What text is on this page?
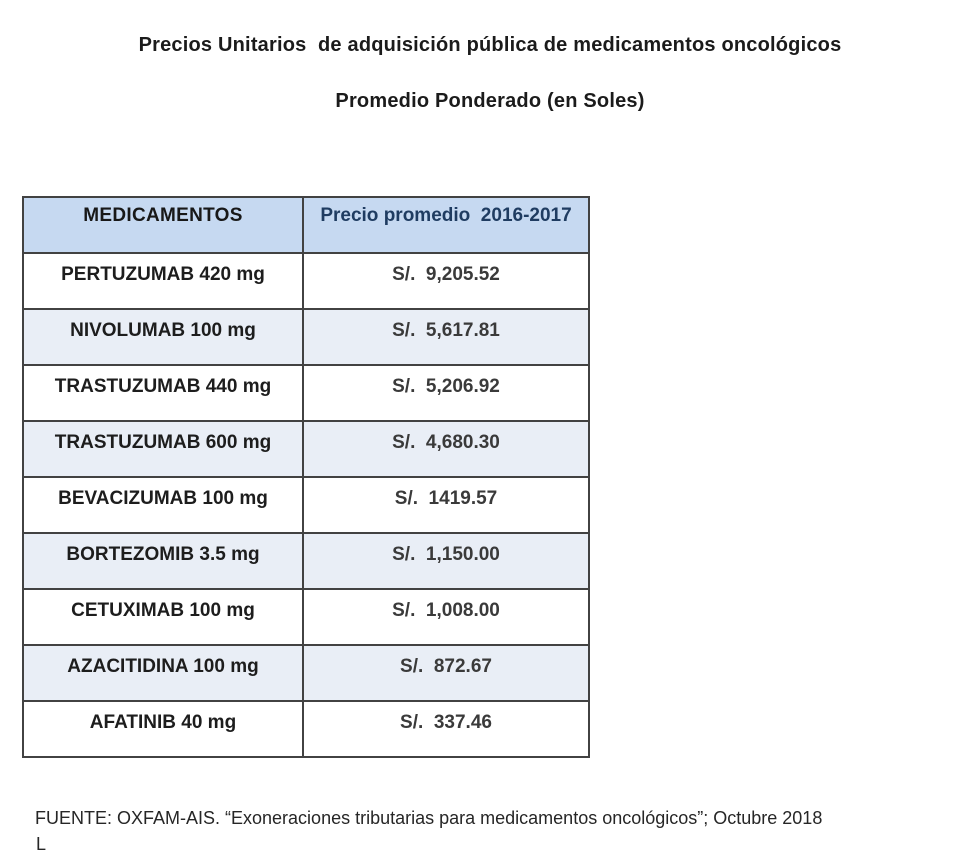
Precios Unitarios  de adquisición pública de medicamentos oncológicos
Promedio Ponderado (en Soles)
MEDICAMENTOS	Precio promedio  2016-2017
PERTUZUMAB 420 mg	S/.  9,205.52
NIVOLUMAB 100 mg	S/.  5,617.81
TRASTUZUMAB 440 mg	S/.  5,206.92
TRASTUZUMAB 600 mg	S/.  4,680.30
BEVACIZUMAB 100 mg	S/.  1419.57
BORTEZOMIB 3.5 mg	S/.  1,150.00
CETUXIMAB 100 mg	S/.  1,008.00
AZACITIDINA 100 mg	S/.  872.67
AFATINIB 40 mg	S/.  337.46
FUENTE: OXFAM-AIS. “Exoneraciones tributarias para medicamentos oncológicos”; Octubre 2018
L
